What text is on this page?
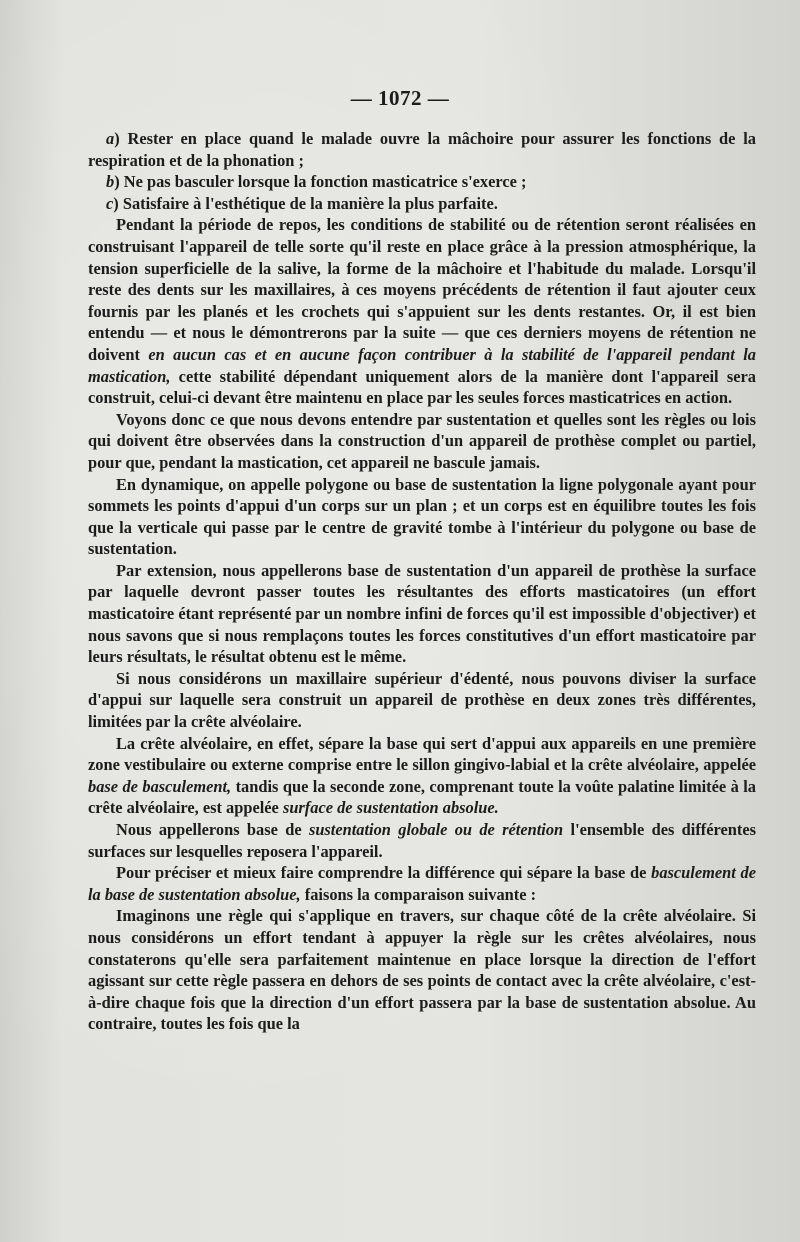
— 1072 —

a) Rester en place quand le malade ouvre la mâchoire pour assurer les fonctions de la respiration et de la phonation ;

b) Ne pas basculer lorsque la fonction masticatrice s'exerce ;

c) Satisfaire à l'esthétique de la manière la plus parfaite.

Pendant la période de repos, les conditions de stabilité ou de rétention seront réalisées en construisant l'appareil de telle sorte qu'il reste en place grâce à la pression atmosphérique, la tension superficielle de la salive, la forme de la mâchoire et l'habitude du malade. Lorsqu'il reste des dents sur les maxillaires, à ces moyens précédents de rétention il faut ajouter ceux fournis par les planés et les crochets qui s'appuient sur les dents restantes. Or, il est bien entendu — et nous le démontrerons par la suite — que ces derniers moyens de rétention ne doivent en aucun cas et en aucune façon contribuer à la stabilité de l'appareil pendant la mastication, cette stabilité dépendant uniquement alors de la manière dont l'appareil sera construit, celui-ci devant être maintenu en place par les seules forces masticatrices en action.

Voyons donc ce que nous devons entendre par sustentation et quelles sont les règles ou lois qui doivent être observées dans la construction d'un appareil de prothèse complet ou partiel, pour que, pendant la mastication, cet appareil ne bascule jamais.

En dynamique, on appelle polygone ou base de sustentation la ligne polygonale ayant pour sommets les points d'appui d'un corps sur un plan ; et un corps est en équilibre toutes les fois que la verticale qui passe par le centre de gravité tombe à l'intérieur du polygone ou base de sustentation.

Par extension, nous appellerons base de sustentation d'un appareil de prothèse la surface par laquelle devront passer toutes les résultantes des efforts masticatoires (un effort masticatoire étant représenté par un nombre infini de forces qu'il est impossible d'objectiver) et nous savons que si nous remplaçons toutes les forces constitutives d'un effort masticatoire par leurs résultats, le résultat obtenu est le même.

Si nous considérons un maxillaire supérieur d'édenté, nous pouvons diviser la surface d'appui sur laquelle sera construit un appareil de prothèse en deux zones très différentes, limitées par la crête alvéolaire.

La crête alvéolaire, en effet, sépare la base qui sert d'appui aux appareils en une première zone vestibulaire ou externe comprise entre le sillon gingivo-labial et la crête alvéolaire, appelée base de basculement, tandis que la seconde zone, comprenant toute la voûte palatine limitée à la crête alvéolaire, est appelée surface de sustentation absolue.

Nous appellerons base de sustentation globale ou de rétention l'ensemble des différentes surfaces sur lesquelles reposera l'appareil.

Pour préciser et mieux faire comprendre la différence qui sépare la base de basculement de la base de sustentation absolue, faisons la comparaison suivante :

Imaginons une règle qui s'applique en travers, sur chaque côté de la crête alvéolaire. Si nous considérons un effort tendant à appuyer la règle sur les crêtes alvéolaires, nous constaterons qu'elle sera parfaitement maintenue en place lorsque la direction de l'effort agissant sur cette règle passera en dehors de ses points de contact avec la crête alvéolaire, c'est-à-dire chaque fois que la direction d'un effort passera par la base de sustentation absolue. Au contraire, toutes les fois que la
